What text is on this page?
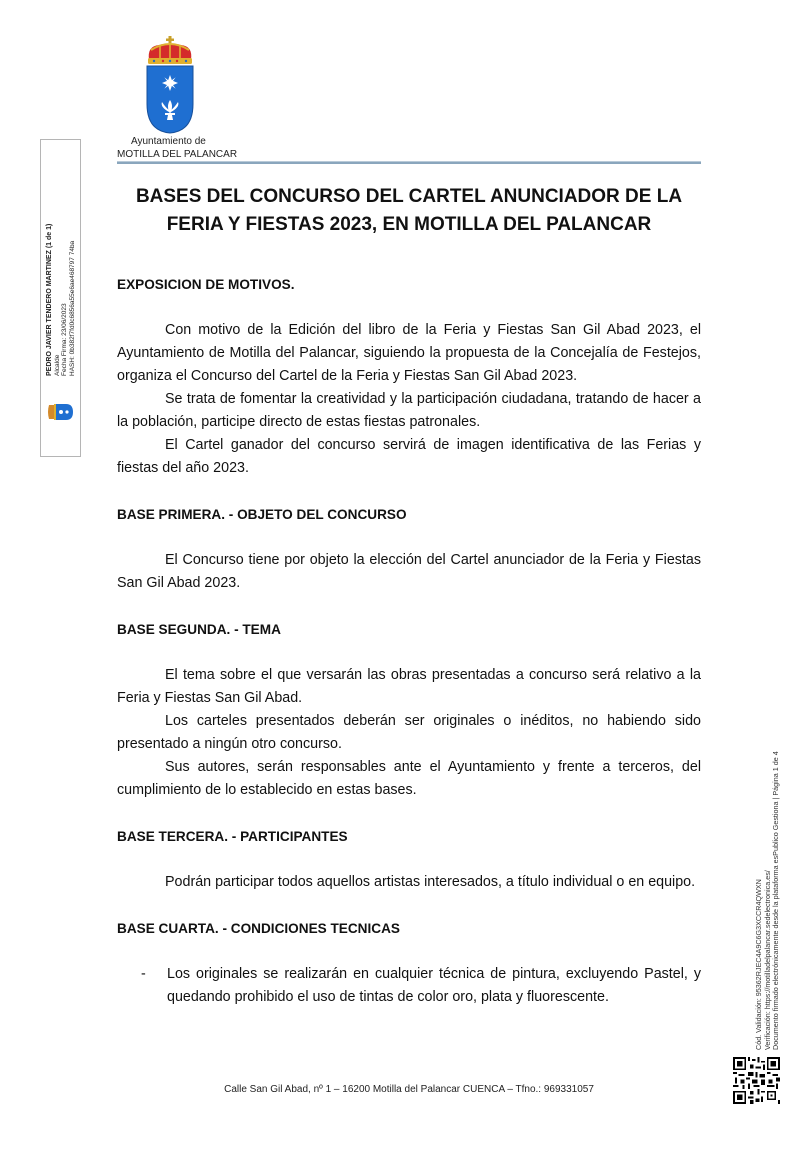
Ayuntamiento de
MOTILLA DEL PALANCAR
PEDRO JAVIER TENDERO MARTINEZ (1 de 1) Alcalde Fecha Firma: 23/06/2023 HASH: 0b382f7fd0c6856a55e6ae468797 74ba
Cód. Validación: 95362RJEC4A9C6G3XCCR4QWXN Verificación: https://motilladelpalancar.sedelectronica.es/ Documento firmado electrónicamente desde la plataforma esPublico Gestiona | Página 1 de 4
BASES DEL CONCURSO DEL CARTEL ANUNCIADOR DE LA
FERIA Y FIESTAS 2023, EN MOTILLA DEL PALANCAR

EXPOSICION DE MOTIVOS.

Con motivo de la Edición del libro de la Feria y Fiestas San Gil Abad 2023, el Ayuntamiento de Motilla del Palancar, siguiendo la propuesta de la Concejalía de Festejos, organiza el Concurso del Cartel de la Feria y Fiestas San Gil Abad 2023.

Se trata de fomentar la creatividad y la participación ciudadana, tratando de hacer a la población, participe directo de estas fiestas patronales.

El Cartel ganador del concurso servirá de imagen identificativa de las Ferias y fiestas del año 2023.

BASE PRIMERA. - OBJETO DEL CONCURSO

El Concurso tiene por objeto la elección del Cartel anunciador de la Feria y Fiestas San Gil Abad 2023.

BASE SEGUNDA. - TEMA

El tema sobre el que versarán las obras presentadas a concurso será relativo a la Feria y Fiestas San Gil Abad.

Los carteles presentados deberán ser originales o inéditos, no habiendo sido presentado a ningún otro concurso.

Sus autores, serán responsables ante el Ayuntamiento y frente a terceros, del cumplimiento de lo establecido en estas bases.

BASE TERCERA. - PARTICIPANTES

Podrán participar todos aquellos artistas interesados, a título individual o en equipo.

BASE CUARTA. - CONDICIONES TECNICAS

- Los originales se realizarán en cualquier técnica de pintura, excluyendo Pastel, y quedando prohibido el uso de tintas de color oro, plata y fluorescente.

Calle San Gil Abad, nº 1 – 16200 Motilla del Palancar CUENCA – Tfno.: 969331057
